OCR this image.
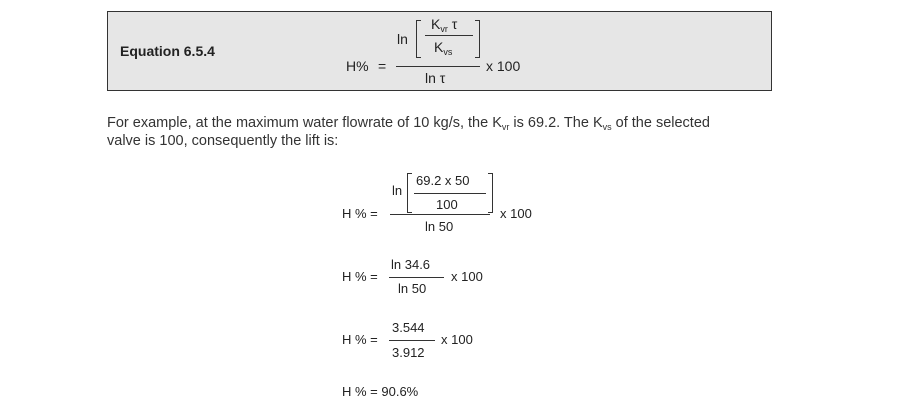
Equation 6.5.4
H% =
ln
$K_{vr}$ τ
$K_{vs}$
ln τ
x 100
For example, at the maximum water flowrate of 10 kg/s, the $K_{vr}$ is 69.2. The $K_{vs}$ of the selected
valve is 100, consequently the lift is:
H % =
ln
69.2 x 50
100
ln 50
x 100
H % =
ln 34.6
ln 50
x 100
H % =
3.544
3.912
x 100
H % = 90.6%
